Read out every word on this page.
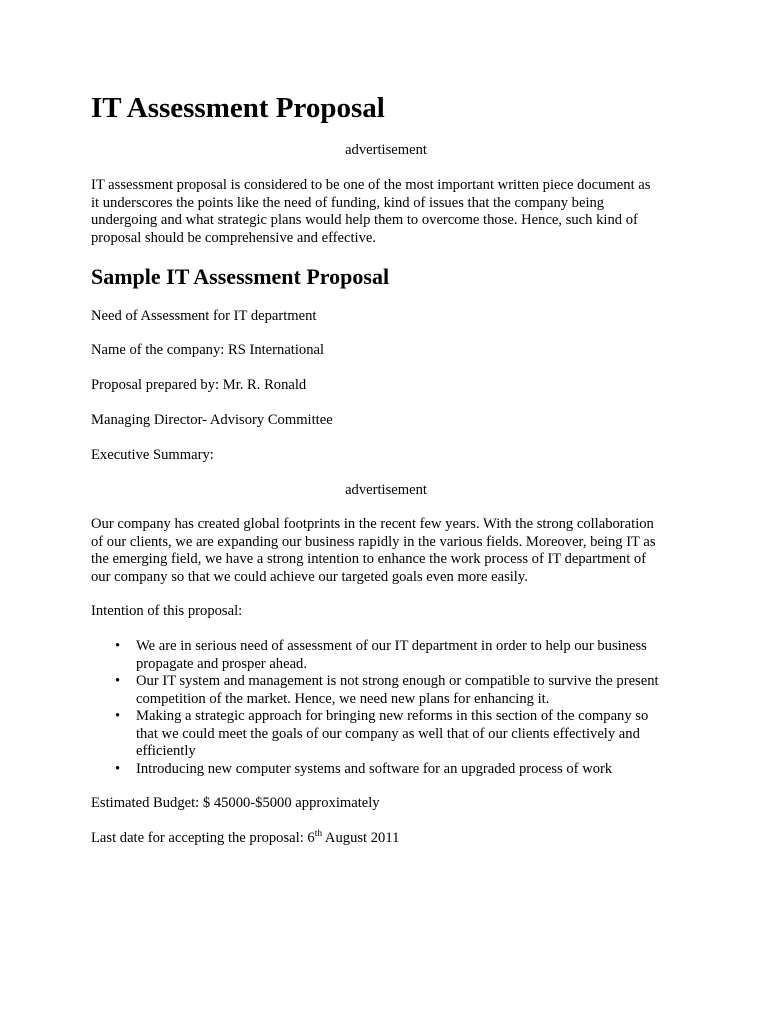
IT Assessment Proposal
advertisement
IT assessment proposal is considered to be one of the most important written piece document as
it underscores the points like the need of funding, kind of issues that the company being
undergoing and what strategic plans would help them to overcome those. Hence, such kind of
proposal should be comprehensive and effective.
Sample IT Assessment Proposal
Need of Assessment for IT department
Name of the company: RS International
Proposal prepared by: Mr. R. Ronald
Managing Director- Advisory Committee
Executive Summary:
advertisement
Our company has created global footprints in the recent few years. With the strong collaboration
of our clients, we are expanding our business rapidly in the various fields. Moreover, being IT as
the emerging field, we have a strong intention to enhance the work process of IT department of
our company so that we could achieve our targeted goals even more easily.
Intention of this proposal:
• We are in serious need of assessment of our IT department in order to help our business
propagate and prosper ahead.
• Our IT system and management is not strong enough or compatible to survive the present
competition of the market. Hence, we need new plans for enhancing it.
• Making a strategic approach for bringing new reforms in this section of the company so
that we could meet the goals of our company as well that of our clients effectively and
efficiently
• Introducing new computer systems and software for an upgraded process of work
Estimated Budget: $ 45000-$5000 approximately
Last date for accepting the proposal: 6th August 2011
